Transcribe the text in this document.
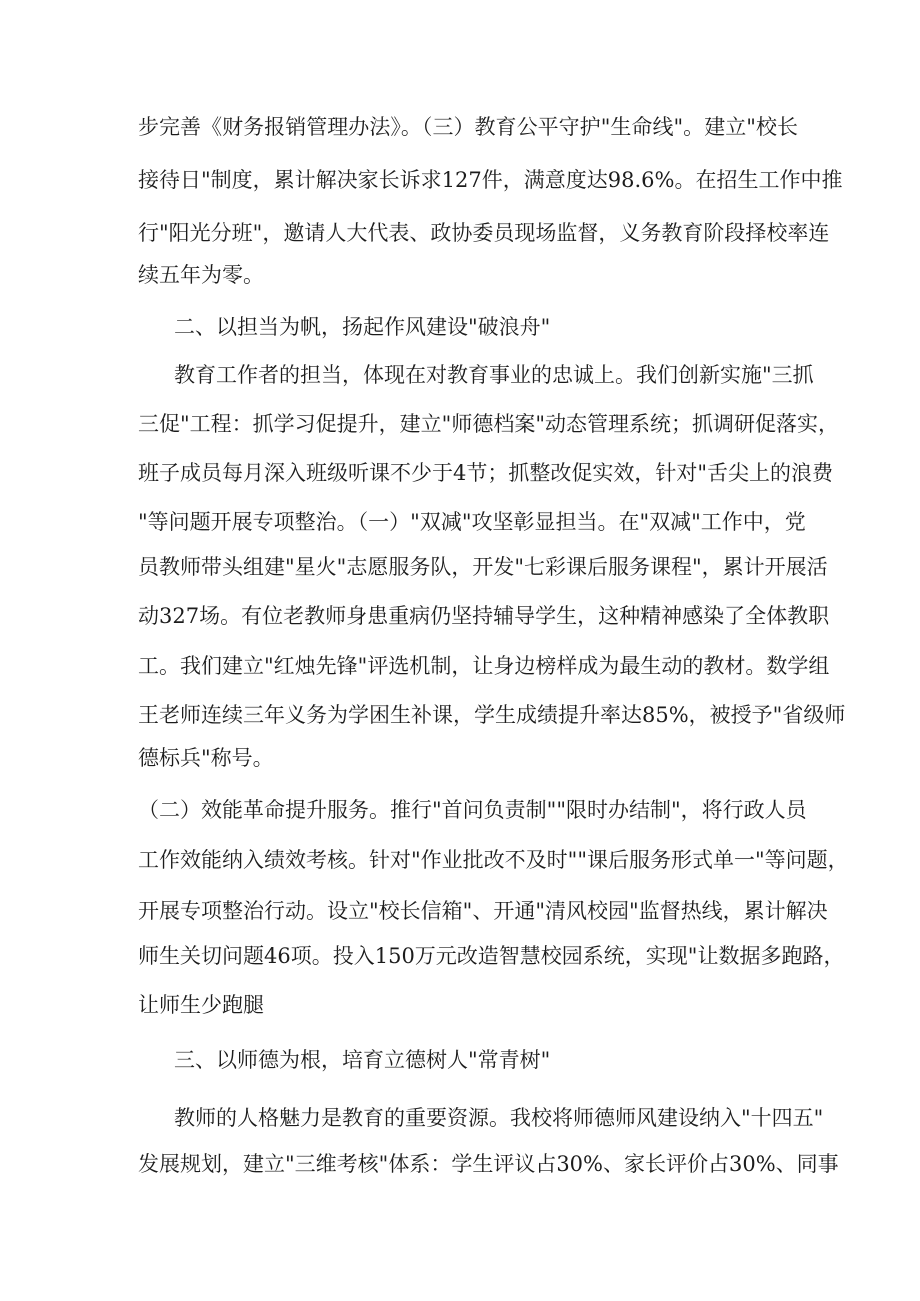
步完善《财务报销管理办法》。（三）教育公平守护"生命线"。建立"校长
接待日"制度，累计解决家长诉求127件，满意度达98.6%。在招生工作中推
行"阳光分班"，邀请人大代表、政协委员现场监督，义务教育阶段择校率连
续五年为零。
二、以担当为帆，扬起作风建设"破浪舟"
教育工作者的担当，体现在对教育事业的忠诚上。我们创新实施"三抓
三促"工程：抓学习促提升，建立"师德档案"动态管理系统；抓调研促落实，
班子成员每月深入班级听课不少于4节；抓整改促实效，针对"舌尖上的浪费
"等问题开展专项整治。（一）"双减"攻坚彰显担当。在"双减"工作中，党
员教师带头组建"星火"志愿服务队，开发"七彩课后服务课程"，累计开展活
动327场。有位老教师身患重病仍坚持辅导学生，这种精神感染了全体教职
工。我们建立"红烛先锋"评选机制，让身边榜样成为最生动的教材。数学组
王老师连续三年义务为学困生补课，学生成绩提升率达85%，被授予"省级师
德标兵"称号。
（二）效能革命提升服务。推行"首问负责制""限时办结制"，将行政人员
工作效能纳入绩效考核。针对"作业批改不及时""课后服务形式单一"等问题，
开展专项整治行动。设立"校长信箱"、开通"清风校园"监督热线，累计解决
师生关切问题46项。投入150万元改造智慧校园系统，实现"让数据多跑路，
让师生少跑腿
三、以师德为根，培育立德树人"常青树"
教师的人格魅力是教育的重要资源。我校将师德师风建设纳入"十四五"
发展规划，建立"三维考核"体系：学生评议占30%、家长评价占30%、同事
